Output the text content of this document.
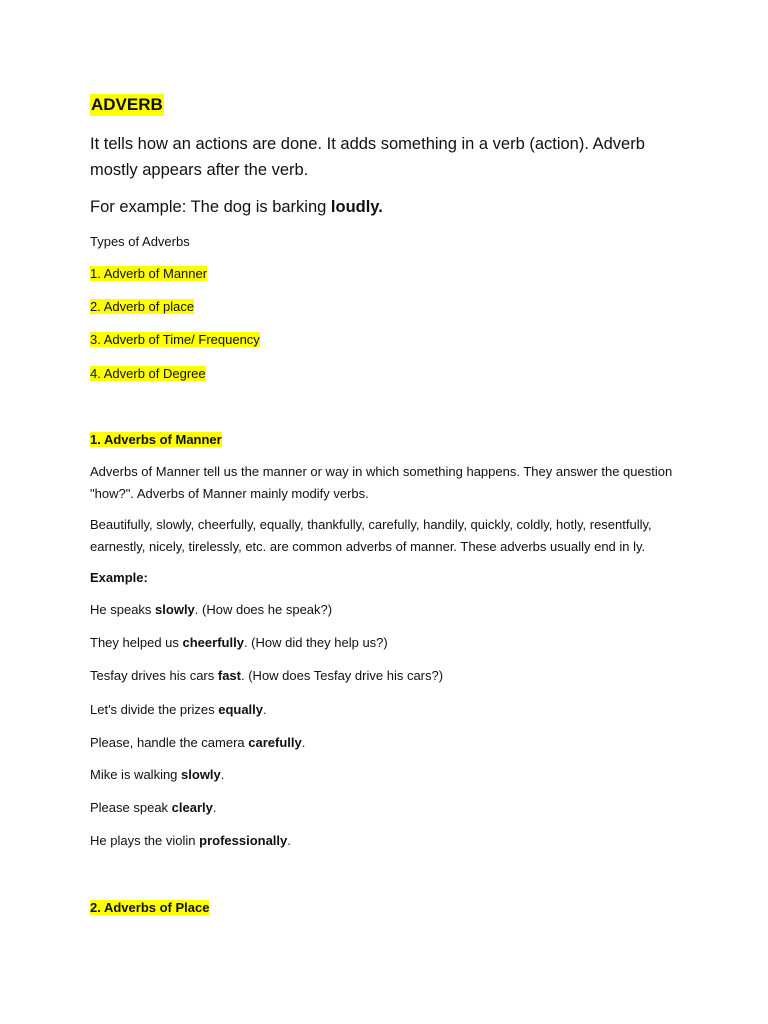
ADVERB
It tells how an actions are done. It adds something in a verb (action). Adverb mostly appears after the verb.
For example: The dog is barking loudly.
Types of Adverbs
1. Adverb of Manner
2. Adverb of place
3. Adverb of Time/ Frequency
4. Adverb of Degree
1. Adverbs of Manner
Adverbs of Manner tell us the manner or way in which something happens. They answer the question "how?". Adverbs of Manner mainly modify verbs.
Beautifully, slowly, cheerfully, equally, thankfully, carefully, handily, quickly, coldly, hotly, resentfully, earnestly, nicely, tirelessly, etc. are common adverbs of manner. These adverbs usually end in ly.
Example:
He speaks slowly. (How does he speak?)
They helped us cheerfully. (How did they help us?)
Tesfay drives his cars fast. (How does Tesfay drive his cars?)
Let's divide the prizes equally.
Please, handle the camera carefully.
Mike is walking slowly.
Please speak clearly.
He plays the violin professionally.
2. Adverbs of Place
